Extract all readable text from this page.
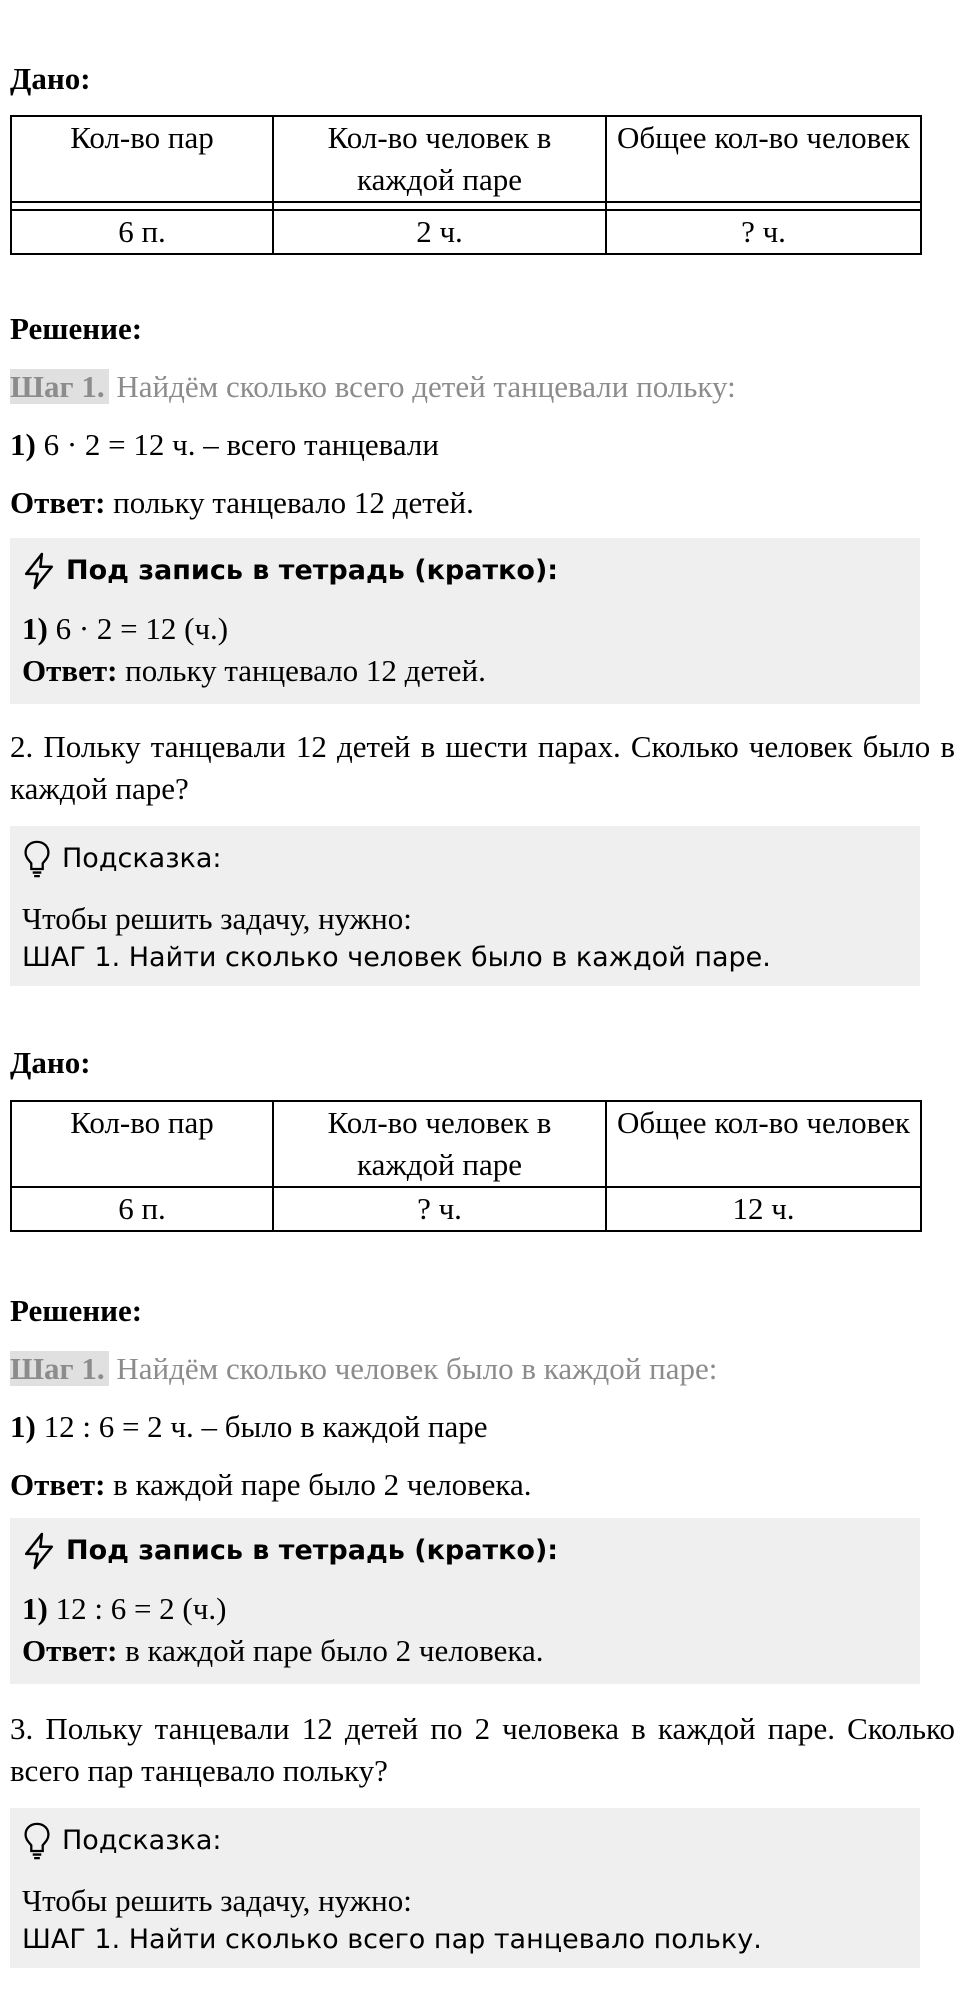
Дано:
Кол-во пар	Кол-во человек в каждой паре	Общее кол-во человек

6 п.	2 ч.	? ч.
Решение:
Шаг 1. Найдём сколько всего детей танцевали польку:
1) 6 · 2 = 12 ч. – всего танцевали
Ответ: польку танцевало 12 детей.
Под запись в тетрадь (кратко):
1) 6 · 2 = 12 (ч.)
Ответ: польку танцевало 12 детей.
2. Польку танцевали 12 детей в шести парах. Сколько человек было в каждой паре?
Подсказка:
Чтобы решить задачу, нужно:
ШАГ 1. Найти сколько человек было в каждой паре.
Дано:
Кол-во пар	Кол-во человек в каждой паре	Общее кол-во человек
6 п.	? ч.	12 ч.
Решение:
Шаг 1. Найдём сколько человек было в каждой паре:
1) 12 : 6 = 2 ч. – было в каждой паре
Ответ: в каждой паре было 2 человека.
Под запись в тетрадь (кратко):
1) 12 : 6 = 2 (ч.)
Ответ: в каждой паре было 2 человека.
3. Польку танцевали 12 детей по 2 человека в каждой паре. Сколько всего пар танцевало польку?
Подсказка:
Чтобы решить задачу, нужно:
ШАГ 1. Найти сколько всего пар танцевало польку.
